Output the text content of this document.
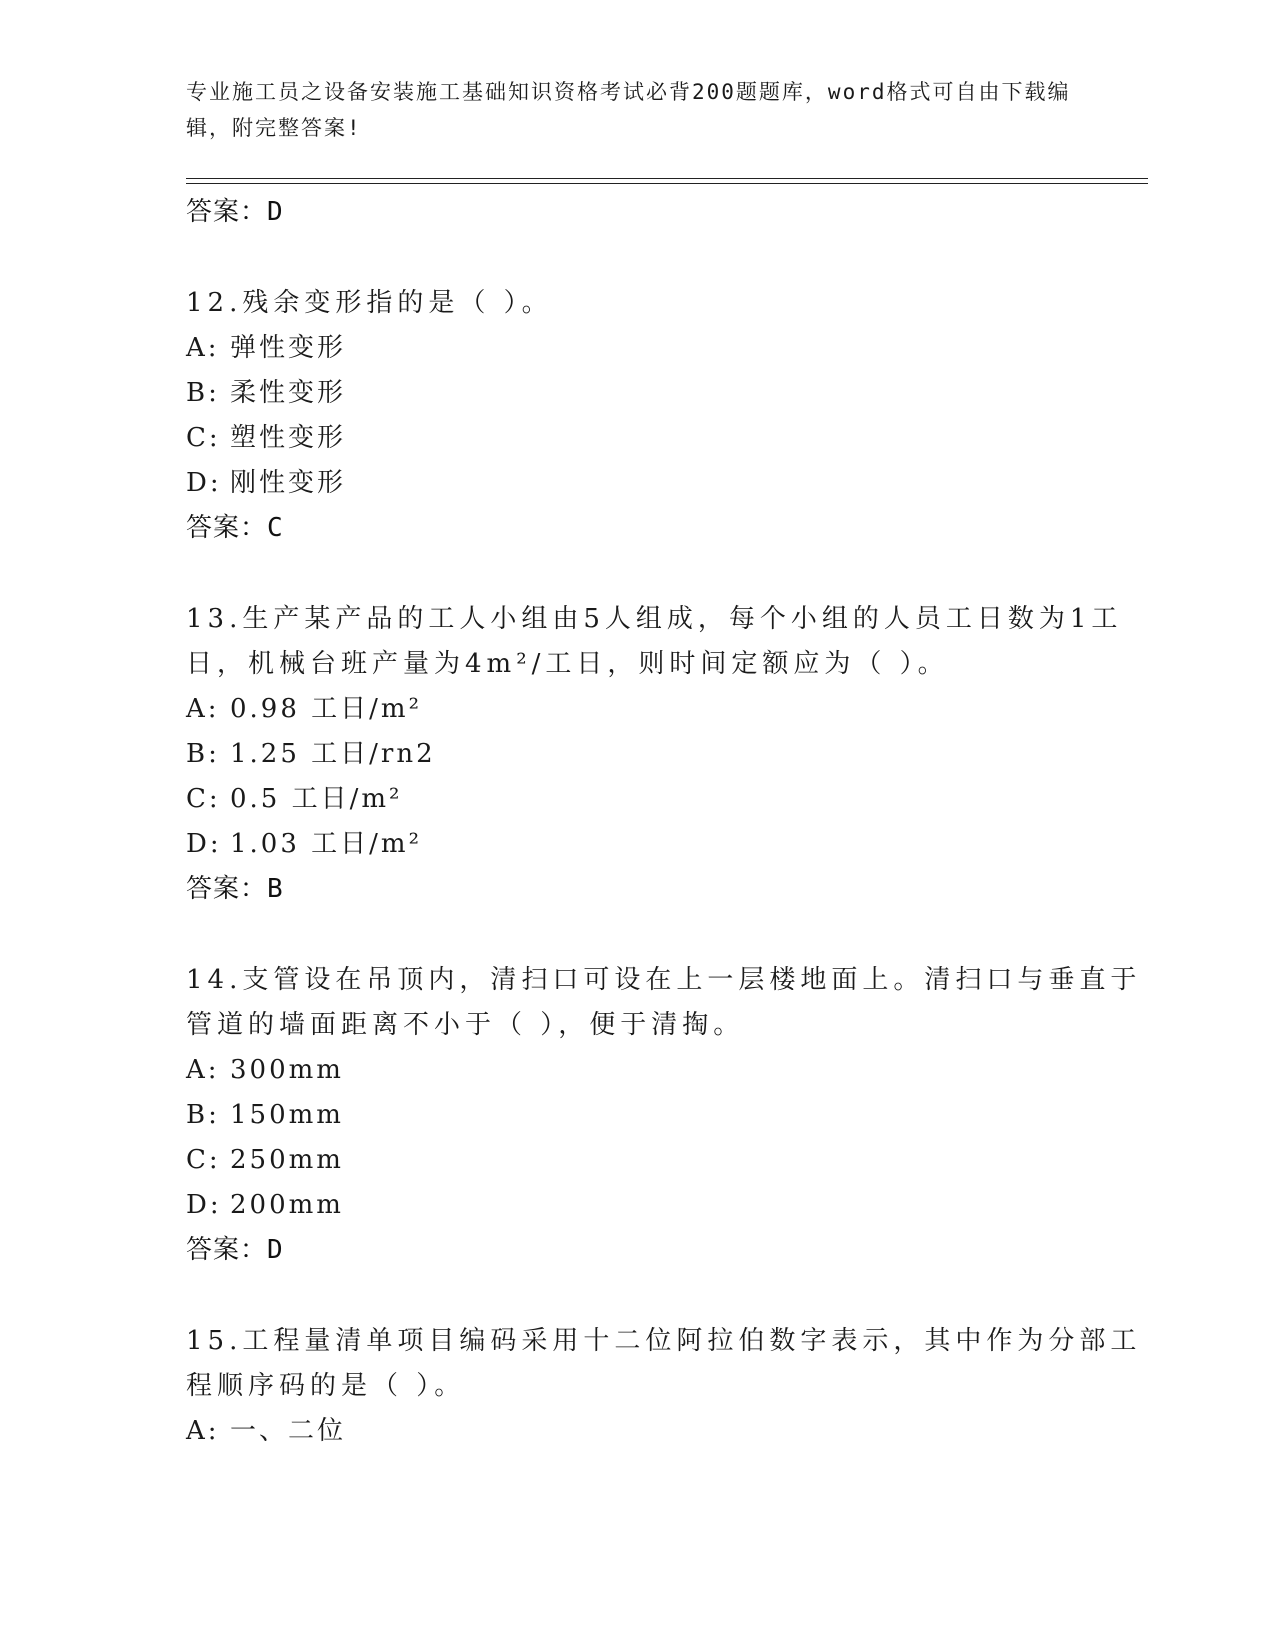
专业施工员之设备安装施工基础知识资格考试必背200题题库，word格式可自由下载编辑，附完整答案!
答案：D
12.残余变形指的是（ ）。
A: 弹性变形
B: 柔性变形
C: 塑性变形
D: 刚性变形
答案：C
13.生产某产品的工人小组由5人组成，每个小组的人员工日数为1工日，机械台班产量为4m²/工日，则时间定额应为（ ）。
A: 0.98 工日/m²
B: 1.25 工日/rn2
C: 0.5 工日/m²
D: 1.03 工日/m²
答案：B
14.支管设在吊顶内，清扫口可设在上一层楼地面上。清扫口与垂直于管道的墙面距离不小于（ ），便于清掏。
A: 300mm
B: 150mm
C: 250mm
D: 200mm
答案：D
15.工程量清单项目编码采用十二位阿拉伯数字表示，其中作为分部工程顺序码的是（ ）。
A: 一、二位
